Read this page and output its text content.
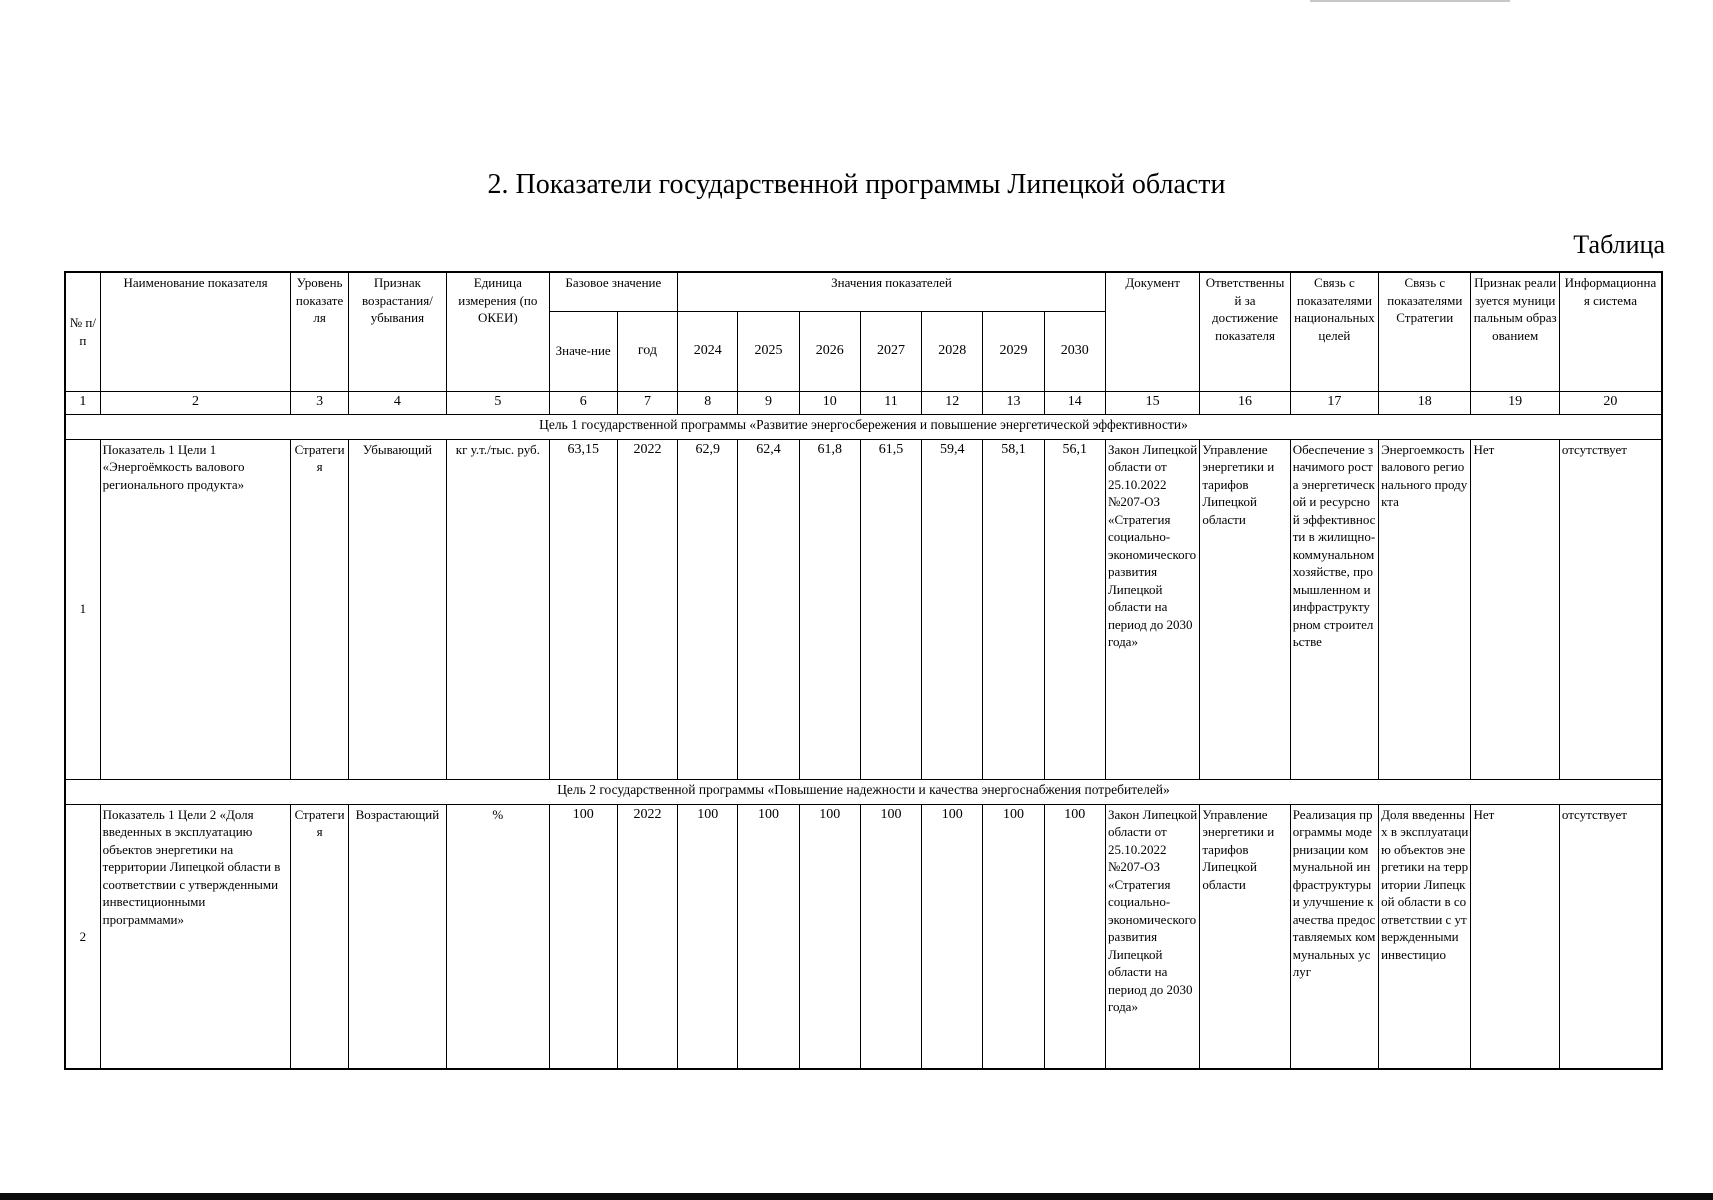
2. Показатели государственной программы Липецкой области
Таблица
№ п/п	Наименование показателя	Уровень показателя	Признак возрастания/ убывания	Единица измерения (по ОКЕИ)	Базовое значение		Значения показателей							Документ	Ответственный за достижение показателя	Связь с показателями национальных целей	Связь с показателями Стратегии	Признак реализуется муниципальным образованием	Информационная система
					Значе-ние	год	2024	2025	2026	2027	2028	2029	2030						
1	2	3	4	5	6	7	8	9	10	11	12	13	14	15	16	17	18	19	20
Цель 1 государственной программы «Развитие энергосбережения и повышение энергетической эффективности»																			
1	Показатель 1 Цели 1 «Энергоёмкость валового регионального продукта»	Стратегия	Убывающий	кг у.т./тыс. руб.	63,15	2022	62,9	62,4	61,8	61,5	59,4	58,1	56,1	Закон Липецкой области от 25.10.2022 №207-ОЗ «Стратегия социально-экономического развития Липецкой области на период до 2030 года»	Управление энергетики и тарифов Липецкой области	Обеспечение значимого роста энергетической и ресурсной эффективности в жилищно-коммунальном хозяйстве, промышленном и инфраструктурном строительстве	Энергоемкость валового регионального продукта	Нет	отсутствует
Цель 2 государственной программы «Повышение надежности и качества энергоснабжения потребителей»																			
2	Показатель 1 Цели 2 «Доля введенных в эксплуатацию объектов энергетики на территории Липецкой области в соответствии с утвержденными инвестиционными программами»	Стратегия	Возрастающий	%	100	2022	100	100	100	100	100	100	100	Закон Липецкой области от 25.10.2022 №207-ОЗ «Стратегия социально-экономического развития Липецкой области на период до 2030 года»	Управление энергетики и тарифов Липецкой области	Реализация программы модернизации коммунальной инфраструктуры и улучшение качества предоставляемых коммунальных услуг	Доля введенных в эксплуатацию объектов энергетики на территории Липецкой области в соответствии с утвержденными инвестицио	Нет	отсутствует
